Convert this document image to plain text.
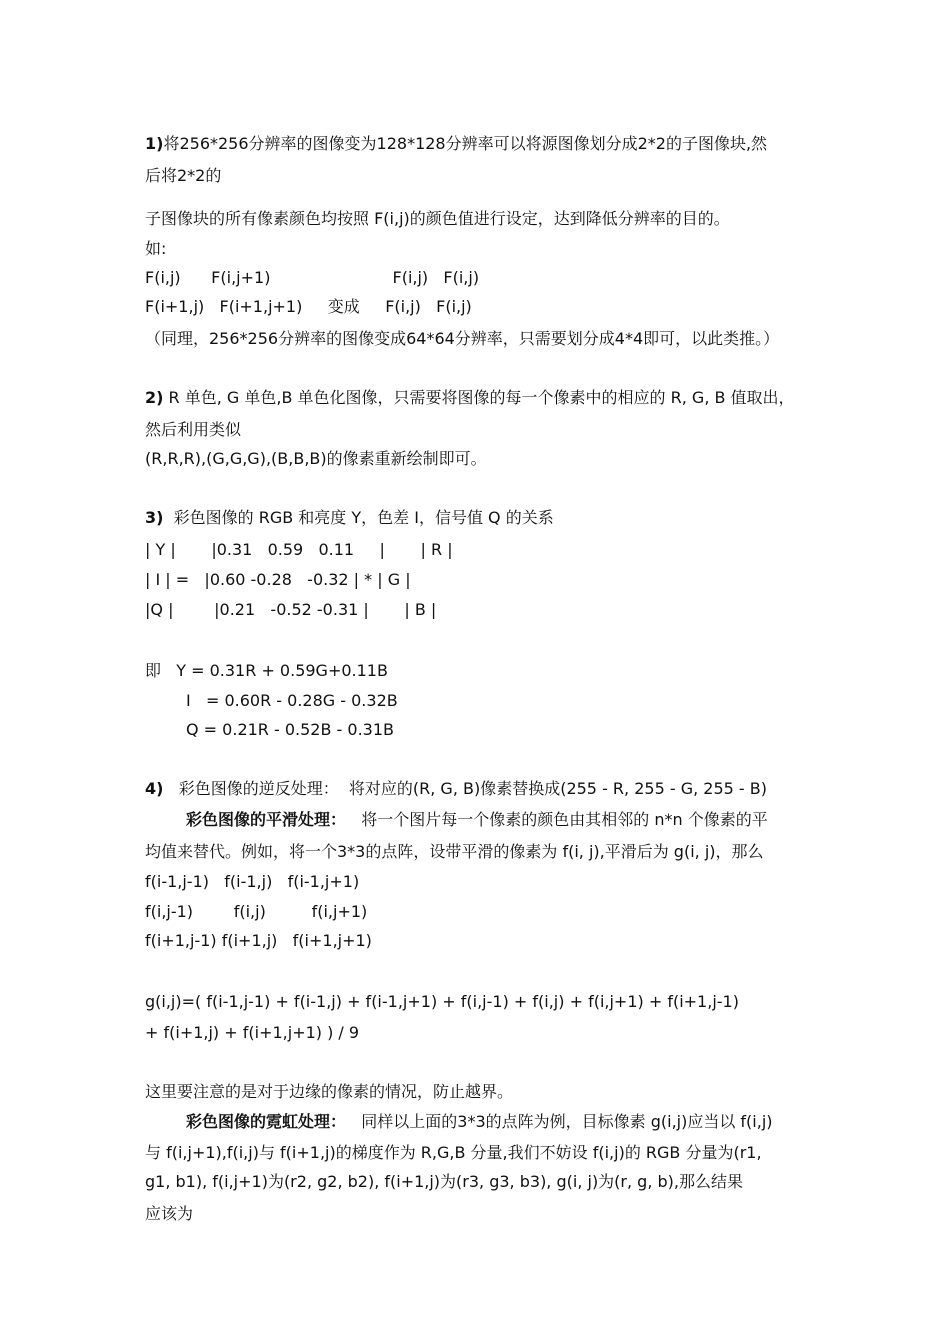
1)将256*256分辨率的图像变为128*128分辨率可以将源图像划分成2*2的子图像块,然
后将2*2的
子图像块的所有像素颜色均按照 F(i,j)的颜色值进行设定，达到降低分辨率的目的。
如:
F(i,j)      F(i,j+1)                        F(i,j)   F(i,j)
F(i+1,j)   F(i+1,j+1)     变成     F(i,j)   F(i,j)
（同理，256*256分辨率的图像变成64*64分辨率，只需要划分成4*4即可，以此类推。）
2) R 单色, G 单色,B 单色化图像，只需要将图像的每一个像素中的相应的 R, G, B 值取出，
然后利用类似
(R,R,R),(G,G,G),(B,B,B)的像素重新绘制即可。
3)  彩色图像的 RGB 和亮度 Y，色差 I，信号值 Q 的关系
| Y |       |0.31   0.59   0.11     |       | R |
| I | =   |0.60 -0.28   -0.32 | * | G |
|Q |        |0.21   -0.52 -0.31 |       | B |
即   Y = 0.31R + 0.59G+0.11B
I   = 0.60R - 0.28G - 0.32B
Q = 0.21R - 0.52B - 0.31B
4)   彩色图像的逆反处理：  将对应的(R, G, B)像素替换成(255 - R, 255 - G, 255 - B)
彩色图像的平滑处理：   将一个图片每一个像素的颜色由其相邻的 n*n 个像素的平
均值来替代。例如，将一个3*3的点阵，设带平滑的像素为 f(i, j),平滑后为 g(i, j)，那么
f(i-1,j-1)   f(i-1,j)   f(i-1,j+1)
f(i,j-1)        f(i,j)         f(i,j+1)
f(i+1,j-1) f(i+1,j)   f(i+1,j+1)
g(i,j)=( f(i-1,j-1) + f(i-1,j) + f(i-1,j+1) + f(i,j-1) + f(i,j) + f(i,j+1) + f(i+1,j-1)
+ f(i+1,j) + f(i+1,j+1) ) / 9
这里要注意的是对于边缘的像素的情况，防止越界。
彩色图像的霓虹处理：   同样以上面的3*3的点阵为例，目标像素 g(i,j)应当以 f(i,j)
与 f(i,j+1),f(i,j)与 f(i+1,j)的梯度作为 R,G,B 分量,我们不妨设 f(i,j)的 RGB 分量为(r1,
g1, b1), f(i,j+1)为(r2, g2, b2), f(i+1,j)为(r3, g3, b3), g(i, j)为(r, g, b),那么结果
应该为
